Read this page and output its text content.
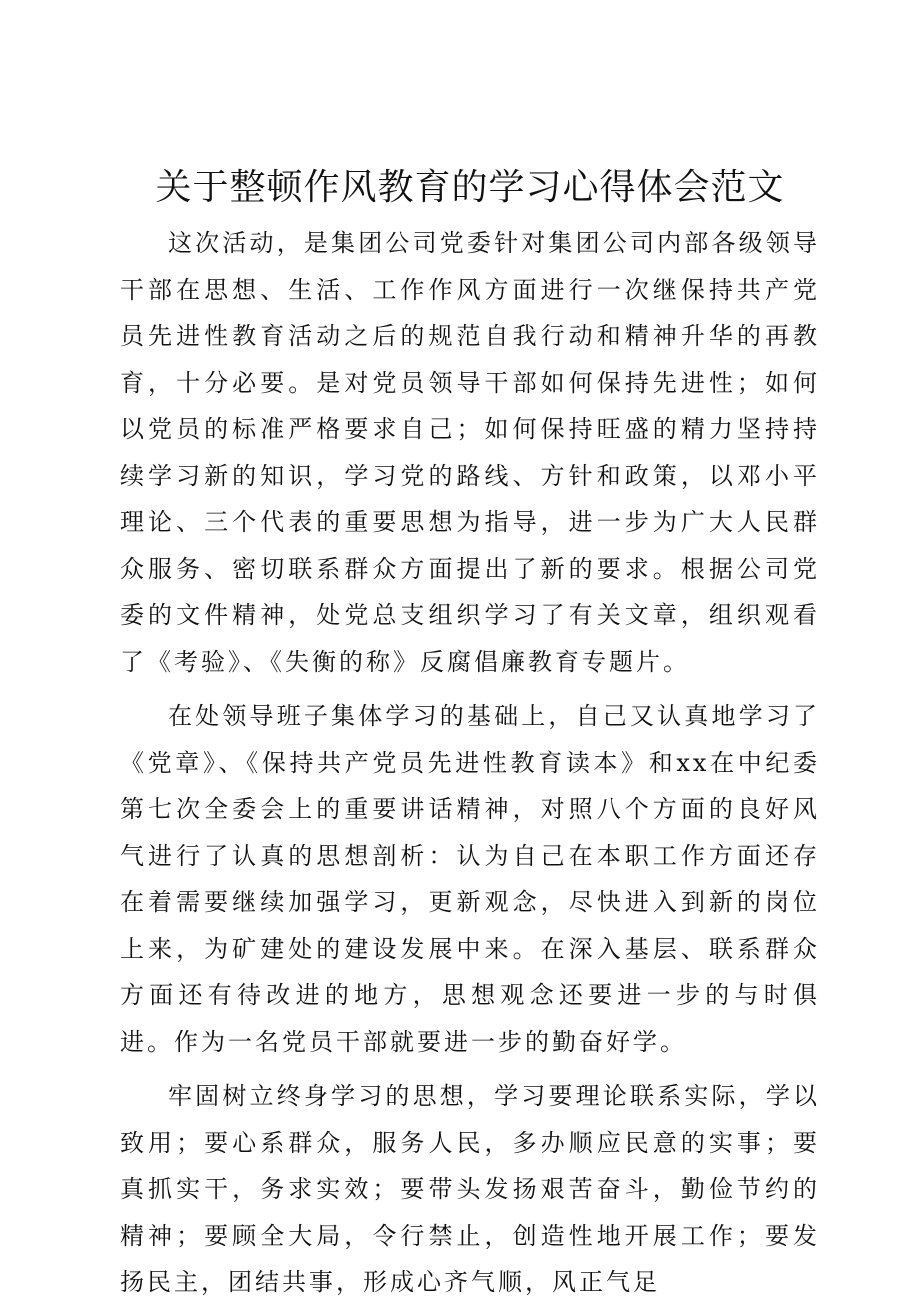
关于整顿作风教育的学习心得体会范文

这次活动，是集团公司党委针对集团公司内部各级领导干部在思想、生活、工作作风方面进行一次继保持共产党员先进性教育活动之后的规范自我行动和精神升华的再教育，十分必要。是对党员领导干部如何保持先进性；如何以党员的标准严格要求自己；如何保持旺盛的精力坚持持续学习新的知识，学习党的路线、方针和政策，以邓小平理论、三个代表的重要思想为指导，进一步为广大人民群众服务、密切联系群众方面提出了新的要求。根据公司党委的文件精神，处党总支组织学习了有关文章，组织观看了《考验》、《失衡的称》反腐倡廉教育专题片。

在处领导班子集体学习的基础上，自己又认真地学习了《党章》、《保持共产党员先进性教育读本》和xx在中纪委第七次全委会上的重要讲话精神，对照八个方面的良好风气进行了认真的思想剖析：认为自己在本职工作方面还存在着需要继续加强学习，更新观念，尽快进入到新的岗位上来，为矿建处的建设发展中来。在深入基层、联系群众方面还有待改进的地方，思想观念还要进一步的与时俱进。作为一名党员干部就要进一步的勤奋好学。

牢固树立终身学习的思想，学习要理论联系实际，学以致用；要心系群众，服务人民，多办顺应民意的实事；要真抓实干，务求实效；要带头发扬艰苦奋斗，勤俭节约的精神；要顾全大局，令行禁止，创造性地开展工作；要发扬民主，团结共事，形成心齐气顺，风正气足
